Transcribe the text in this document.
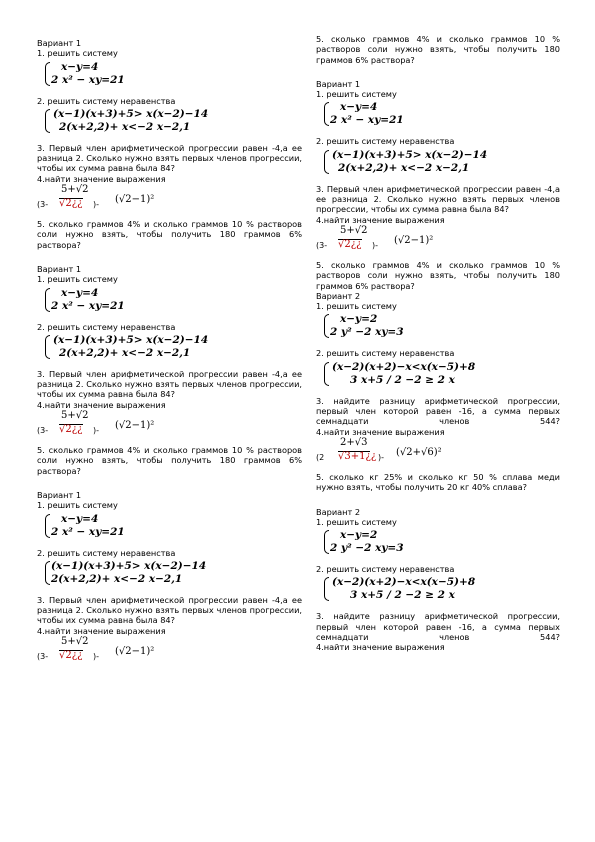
Вариант 1

1. решить систему

x−y=4
2 x² − xy=21

2. решить систему неравенства

(x−1)(x+3)+5> x(x−2)−14
2(x+2,2)+ x<−2 x−2,1

3. Первый член арифметической прогрессии равен -4,а ее разница 2. Сколько нужно взять первых членов прогрессии, чтобы их сумма равна была 84?

4.найти значение выражения

(3-
5+√2
√2¿¿ )- (√2−1)²

5. сколько граммов 4% и сколько граммов 10 % растворов соли нужно взять, чтобы получить 180 граммов 6% раствора?

Вариант 1

1. решить систему

x−y=4
2 x² − xy=21

2. решить систему неравенства

(x−1)(x+3)+5> x(x−2)−14
2(x+2,2)+ x<−2 x−2,1

3. Первый член арифметической прогрессии равен -4,а ее разница 2. Сколько нужно взять первых членов прогрессии, чтобы их сумма равна была 84?

4.найти значение выражения

(3-
5+√2
√2¿¿ )- (√2−1)²

5. сколько граммов 4% и сколько граммов 10 % растворов соли нужно взять, чтобы получить 180 граммов 6% раствора?

Вариант 1

1. решить систему

x−y=4
2 x² − xy=21

2. решить систему неравенства

(x−1)(x+3)+5> x(x−2)−14
2(x+2,2)+ x<−2 x−2,1

3. Первый член арифметической прогрессии равен -4,а ее разница 2. Сколько нужно взять первых членов прогрессии, чтобы их сумма равна была 84?

4.найти значение выражения

(3-
5+√2
√2¿¿ )- (√2−1)²

5. сколько граммов 4% и сколько граммов 10 % растворов соли нужно взять, чтобы получить 180 граммов 6% раствора?

Вариант 1

1. решить систему

x−y=4
2 x² − xy=21

2. решить систему неравенства

(x−1)(x+3)+5> x(x−2)−14
2(x+2,2)+ x<−2 x−2,1

3. Первый член арифметической прогрессии равен -4,а ее разница 2. Сколько нужно взять первых членов прогрессии, чтобы их сумма равна была 84?

4.найти значение выражения

(3-
5+√2
√2¿¿ )- (√2−1)²

5. сколько граммов 4% и сколько граммов 10 % растворов соли нужно взять, чтобы получить 180 граммов 6% раствора?

Вариант 2

1. решить систему

x−y=2
2 y² −2 xy=3

2. решить систему неравенства

(x−2)(x+2)−x<x(x−5)+8
3 x+5 / 2 −2 ≥ 2 x

3. найдите разницу арифметической прогрессии, первый член которой равен -16, а сумма первых семнадцати членов 544?

4.найти значение выражения

(2
2+√3
√3+1¿¿ )- (√2+√6)²

5. сколько кг 25% и сколько кг 50 % сплава меди нужно взять, чтобы получить 20 кг 40% сплава?

Вариант 2

1. решить систему

x−y=2
2 y² −2 xy=3

2. решить систему неравенства

(x−2)(x+2)−x<x(x−5)+8
3 x+5 / 2 −2 ≥ 2 x

3. найдите разницу арифметической прогрессии, первый член которой равен -16, а сумма первых семнадцати членов 544?

4.найти значение выражения
